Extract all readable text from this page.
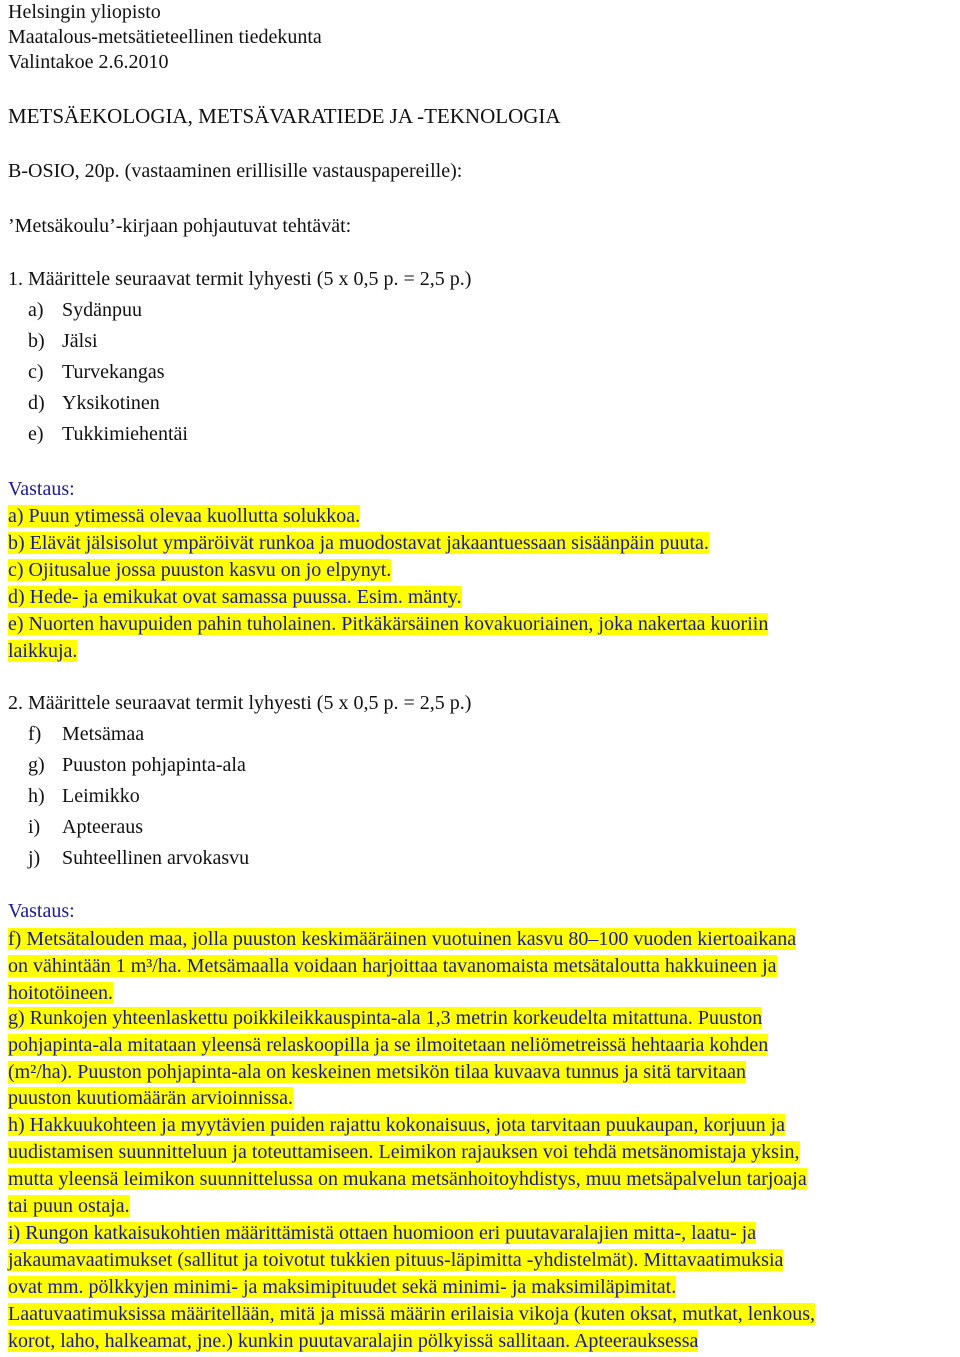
Helsingin yliopisto
Maatalous-metsätieteellinen tiedekunta
Valintakoe 2.6.2010
METSÄEKOLOGIA, METSÄVARATIEDE JA -TEKNOLOGIA
B-OSIO, 20p. (vastaaminen erillisille vastauspapereille):
’Metsäkoulu’-kirjaan pohjautuvat tehtävät:
1. Määrittele seuraavat termit lyhyesti (5 x 0,5 p. = 2,5 p.)
a) Sydänpuu
b) Jälsi
c) Turvekangas
d) Yksikotinen
e) Tukkimiehentäi
Vastaus:
a) Puun ytimessä olevaa kuollutta solukkoa.
b) Elävät jälsisolut ympäröivät runkoa ja muodostavat jakaantuessaan sisäänpäin puuta.
c) Ojitusalue jossa puuston kasvu on jo elpynyt.
d) Hede- ja emikukat ovat samassa puussa. Esim. mänty.
e) Nuorten havupuiden pahin tuholainen. Pitkäkärsäinen kovakuoriainen, joka nakertaa kuoriin
laikkuja.
2. Määrittele seuraavat termit lyhyesti (5 x 0,5 p. = 2,5 p.)
f) Metsämaa
g) Puuston pohjapinta-ala
h) Leimikko
i) Apteeraus
j) Suhteellinen arvokasvu
Vastaus:
f) Metsätalouden maa, jolla puuston keskimääräinen vuotuinen kasvu 80–100 vuoden kiertoaikana
on vähintään 1 m³/ha. Metsämaalla voidaan harjoittaa tavanomaista metsätaloutta hakkuineen ja
hoitotöineen.
g) Runkojen yhteenlaskettu poikkileikkauspinta-ala 1,3 metrin korkeudelta mitattuna. Puuston
pohjapinta-ala mitataan yleensä relaskoopilla ja se ilmoitetaan neliömetreissä hehtaaria kohden
(m²/ha). Puuston pohjapinta-ala on keskeinen metsikön tilaa kuvaava tunnus ja sitä tarvitaan
puuston kuutiomäärän arvioinnissa.
h) Hakkuukohteen ja myytävien puiden rajattu kokonaisuus, jota tarvitaan puukaupan, korjuun ja
uudistamisen suunnitteluun ja toteuttamiseen. Leimikon rajauksen voi tehdä metsänomistaja yksin,
mutta yleensä leimikon suunnittelussa on mukana metsänhoitoyhdistys, muu metsäpalvelun tarjoaja
tai puun ostaja.
i) Rungon katkaisukohtien määrittämistä ottaen huomioon eri puutavaralajien mitta-, laatu- ja
jakaumavaatimukset (sallitut ja toivotut tukkien pituus-läpimitta -yhdistelmät). Mittavaatimuksia
ovat mm. pölkkyjen minimi- ja maksimipituudet sekä minimi- ja maksimiläpimitat.
Laatuvaatimuksissa määritellään, mitä ja missä määrin erilaisia vikoja (kuten oksat, mutkat, lenkous,
korot, laho, halkeamat, jne.) kunkin puutavaralajin pölkyissä sallitaan. Apteerauksessa
